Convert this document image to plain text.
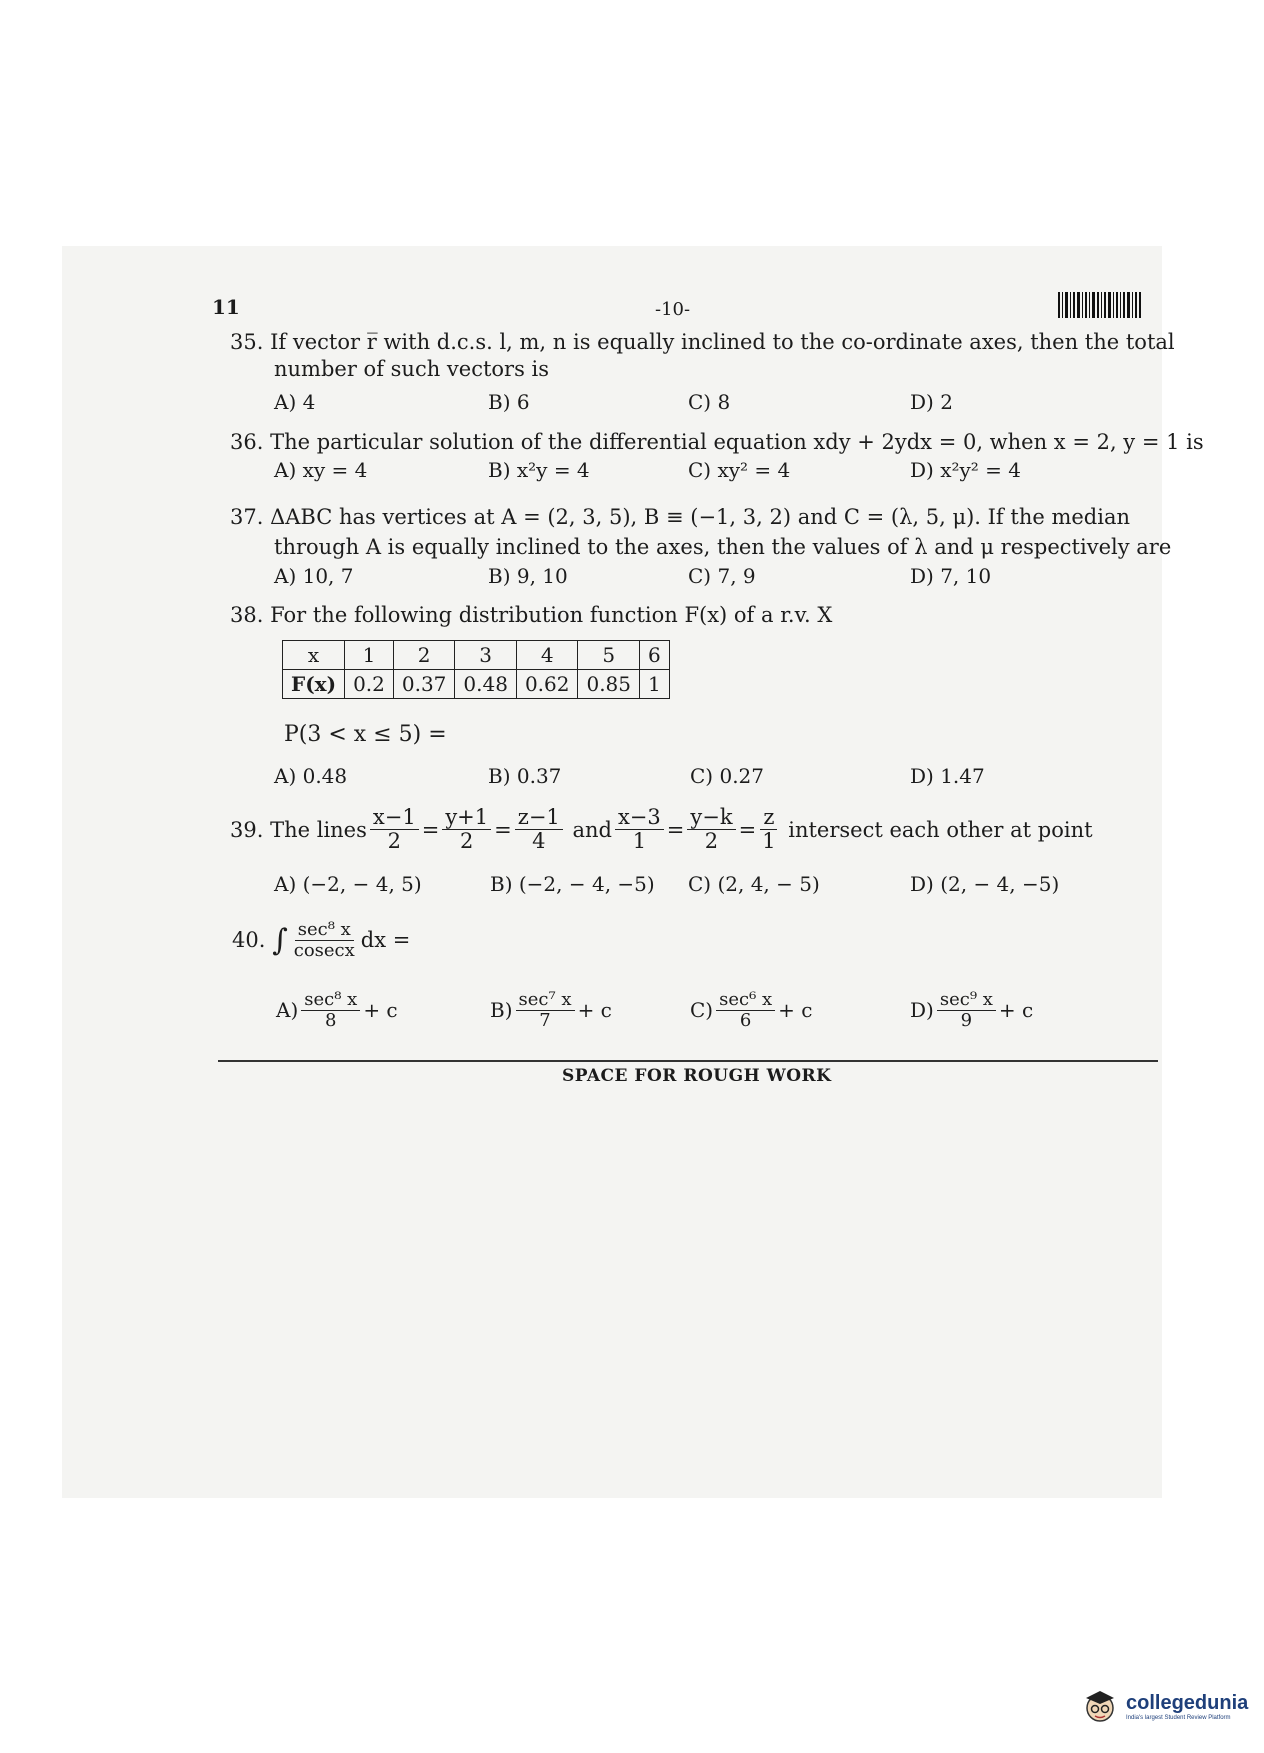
11	-10-
35. If vector r̅ with d.c.s. l, m, n is equally inclined to the co-ordinate axes, then the total
number of such vectors is
A) 4	B) 6	C) 8	D) 2
36. The particular solution of the differential equation xdy + 2ydx = 0, when x = 2, y = 1 is
A) xy = 4	B) x²y = 4	C) xy² = 4	D) x²y² = 4
37. ΔABC has vertices at A = (2, 3, 5), B ≡ (−1, 3, 2) and C = (λ, 5, μ). If the median
through A is equally inclined to the axes, then the values of λ and μ respectively are
A) 10, 7	B) 9, 10	C) 7, 9	D) 7, 10
38. For the following distribution function F(x) of a r.v. X
x	1	2	3	4	5	6
F(x)	0.2	0.37	0.48	0.62	0.85	1
P(3 < x ≤ 5) =
A) 0.48	B) 0.37	C) 0.27	D) 1.47
39.
The lines $\frac{x-1}{2} = \frac{y+1}{2} = \frac{z-1}{4}$
and $\frac{x-3}{1} = \frac{y-k}{2} = \frac{z}{1}$
intersect each other at point
A) (−2, − 4, 5)	B) (−2, − 4, −5) C) (2, 4, − 5)	D) (2, − 4, −5)
40.
∫ $\frac{\text{sec⁸ x}}{cosecx}$ dx =
$A) \frac{\text{sec⁸ x}}{8} + c$	$B) \frac{\text{sec⁷ x}}{7} + c$	$C) \frac{\text{sec⁶ x}}{6} + c$	$D) \frac{\text{sec⁹ x}}{9} + c$
SPACE FOR ROUGH WORK
collegedunia
India's largest Student Review Platform
